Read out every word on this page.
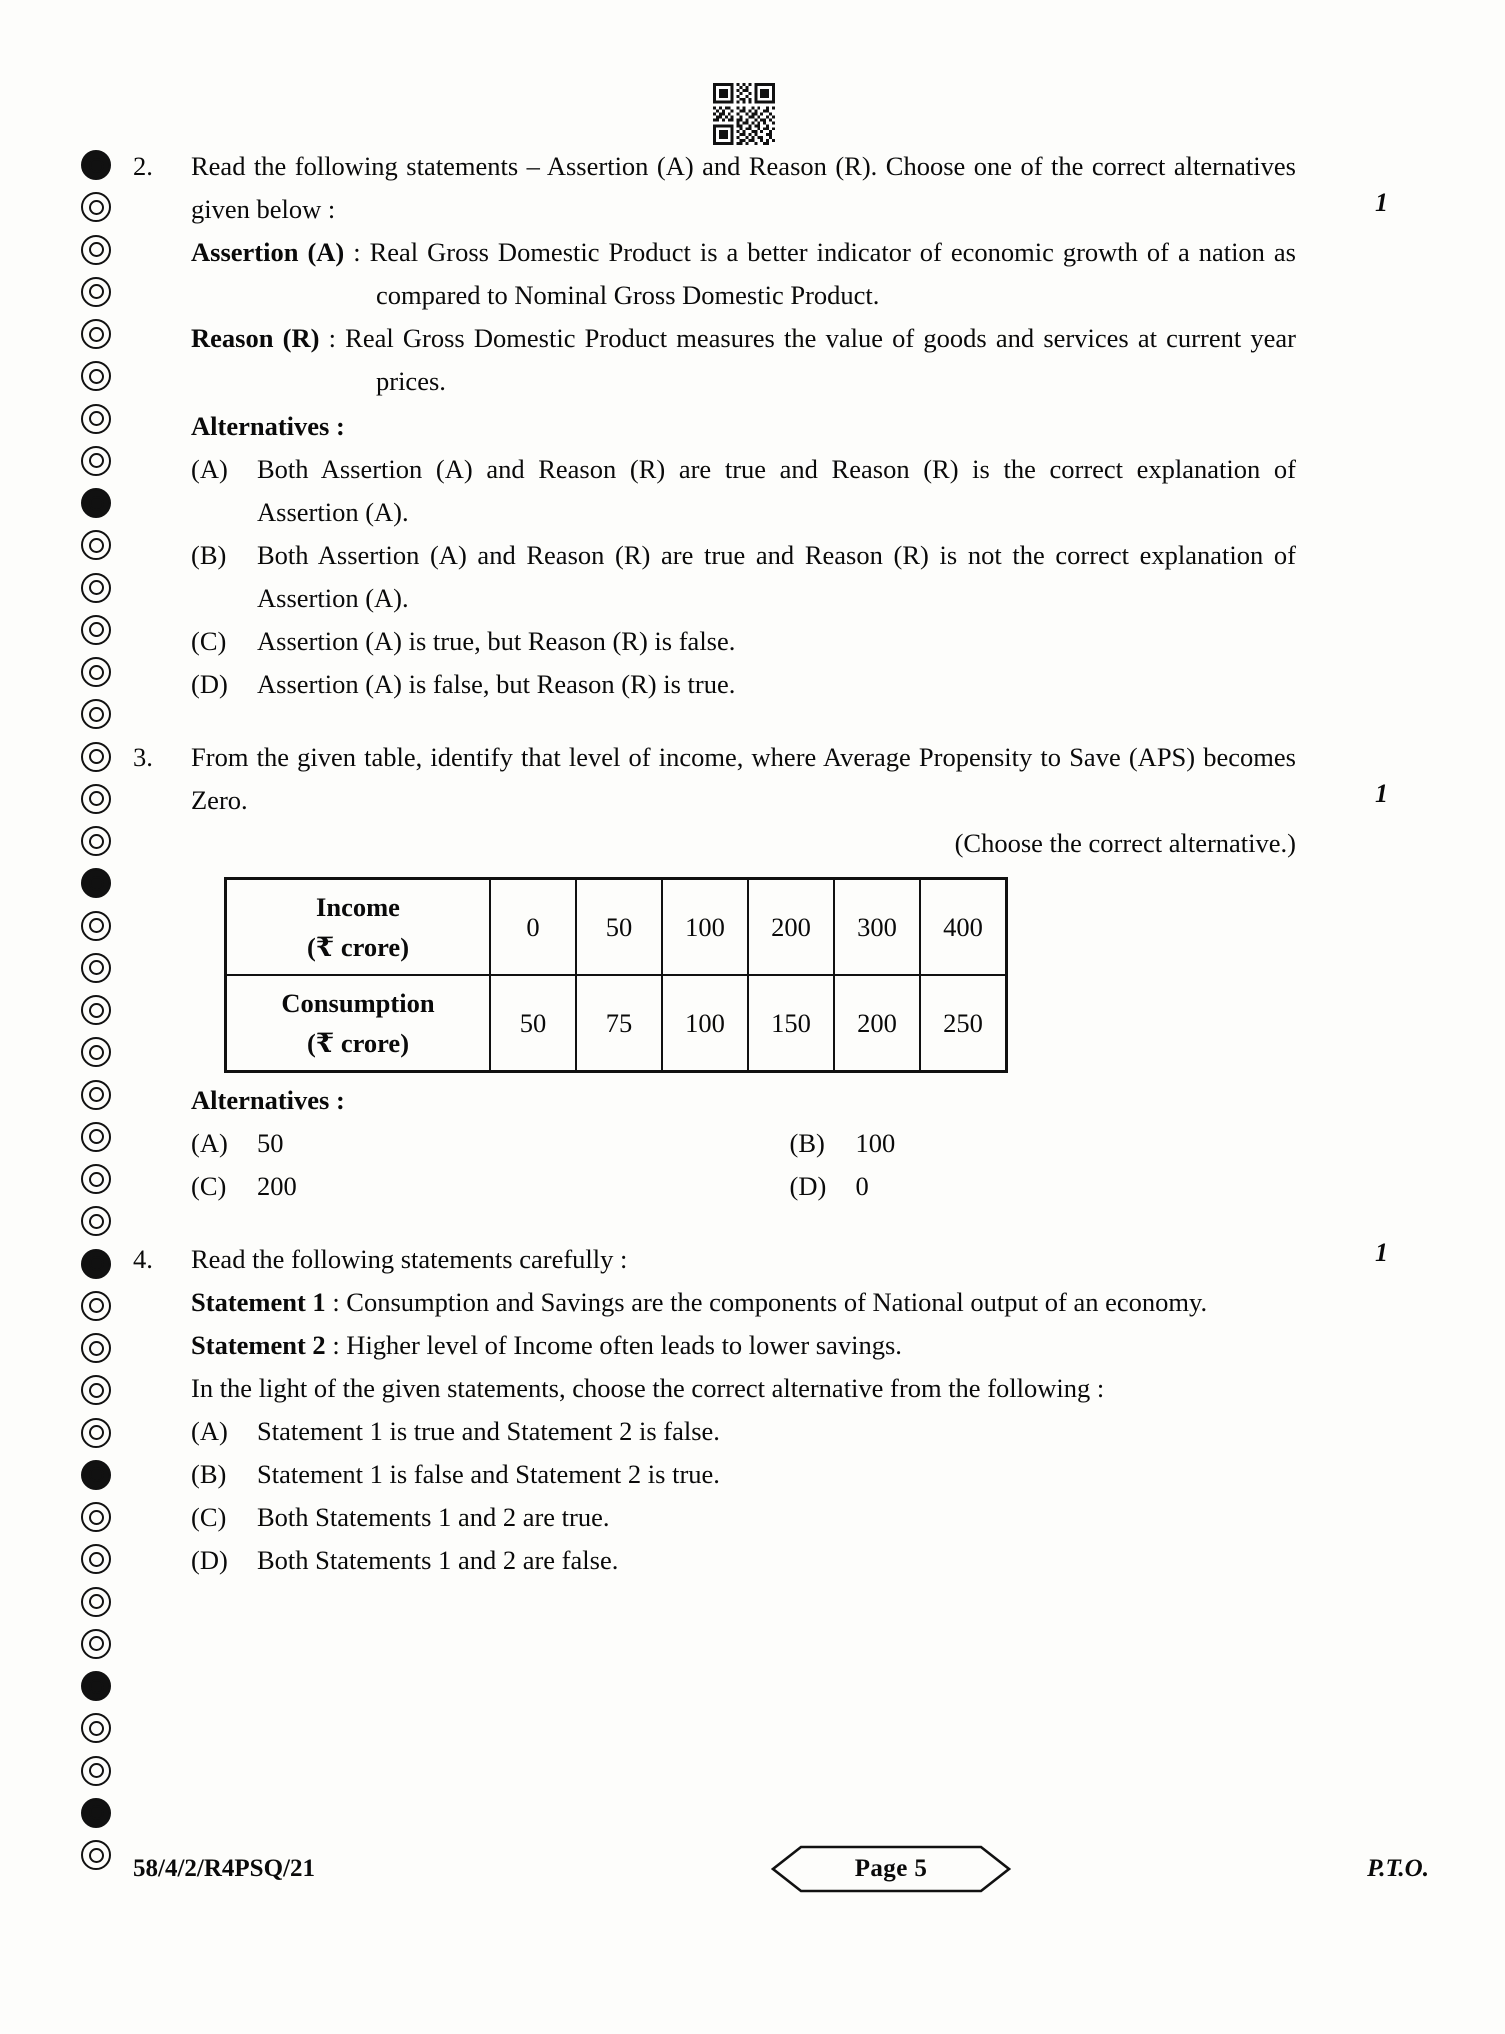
2.	Read the following statements – Assertion (A) and Reason (R). Choose one of the correct alternatives given below :
Assertion (A) : Real Gross Domestic Product is a better indicator of economic growth of a nation as compared to Nominal Gross Domestic Product.
Reason (R) : Real Gross Domestic Product measures the value of goods and services at current year prices.
Alternatives :
(A)	Both Assertion (A) and Reason (R) are true and Reason (R) is the correct explanation of Assertion (A).
(B)	Both Assertion (A) and Reason (R) are true and Reason (R) is not the correct explanation of Assertion (A).
(C)	Assertion (A) is true, but Reason (R) is false.
(D)	Assertion (A) is false, but Reason (R) is true.
1
3.	From the given table, identify that level of income, where Average Propensity to Save (APS) becomes Zero.
(Choose the correct alternative.)
Income
(₹ crore)	0	50	100	200	300	400
Consumption
(₹ crore)	50	75	100	150	200	250
Alternatives :
(A)	50
(C)	200
(B)	100
(D)	0
1
4.	Read the following statements carefully :
Statement 1 : Consumption and Savings are the components of National output of an economy.
Statement 2 : Higher level of Income often leads to lower savings.
In the light of the given statements, choose the correct alternative from the following :
(A)	Statement 1 is true and Statement 2 is false.
(B)	Statement 1 is false and Statement 2 is true.
(C)	Both Statements 1 and 2 are true.
(D)	Both Statements 1 and 2 are false.
1
58/4/2/R4PSQ/21	Page 5	P.T.O.
